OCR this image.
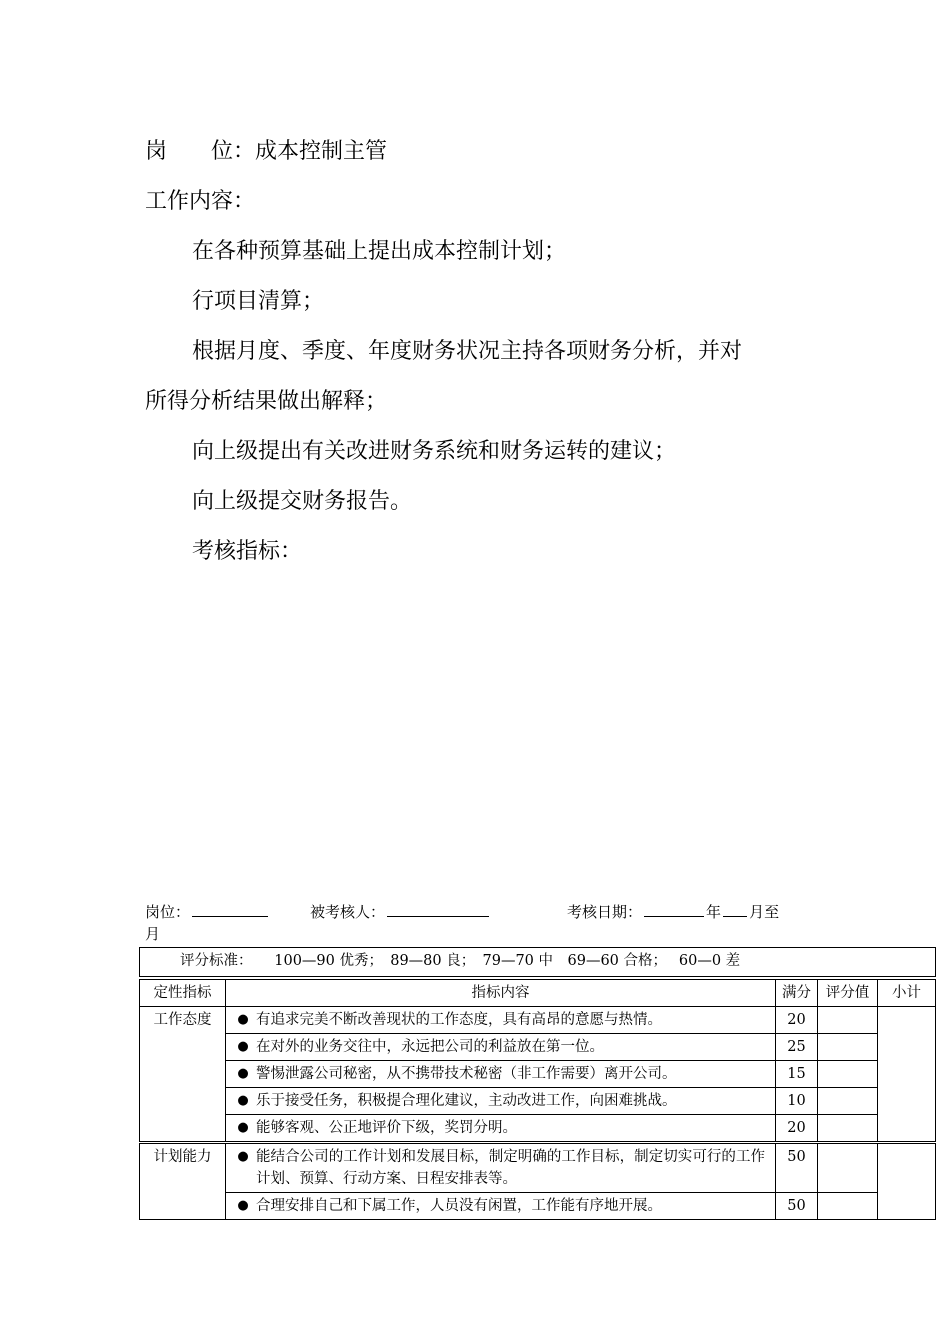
岗　　位：成本控制主管
工作内容：
在各种预算基础上提出成本控制计划；
行项目清算；
根据月度、季度、年度财务状况主持各项财务分析，并对
所得分析结果做出解释；
向上级提出有关改进财务系统和财务运转的建议；
向上级提交财务报告。
考核指标：
岗位：	被考核人：	考核日期：	年 月至
月
评分标准：　　100—90 优秀；　89—80 良；　79—70 中　69—60 合格；　 60—0 差				
定性指标	指标内容	满分	评分值	小计
工作态度	● 有追求完美不断改善现状的工作态度，具有高昂的意愿与热情。	20		

	● 在对外的业务交往中，永远把公司的利益放在第一位。	25		

	● 警惕泄露公司秘密，从不携带技术秘密（非工作需要）离开公司。	15		

	● 乐于接受任务，积极提合理化建议，主动改进工作，向困难挑战。	10		

	● 能够客观、公正地评价下级，奖罚分明。	20		
计划能力	● 能结合公司的工作计划和发展目标，制定明确的工作目标，制定切实可行的工作计划、预算、行动方案、日程安排表等。	50		

	● 合理安排自己和下属工作，人员没有闲置，工作能有序地开展。	50		
